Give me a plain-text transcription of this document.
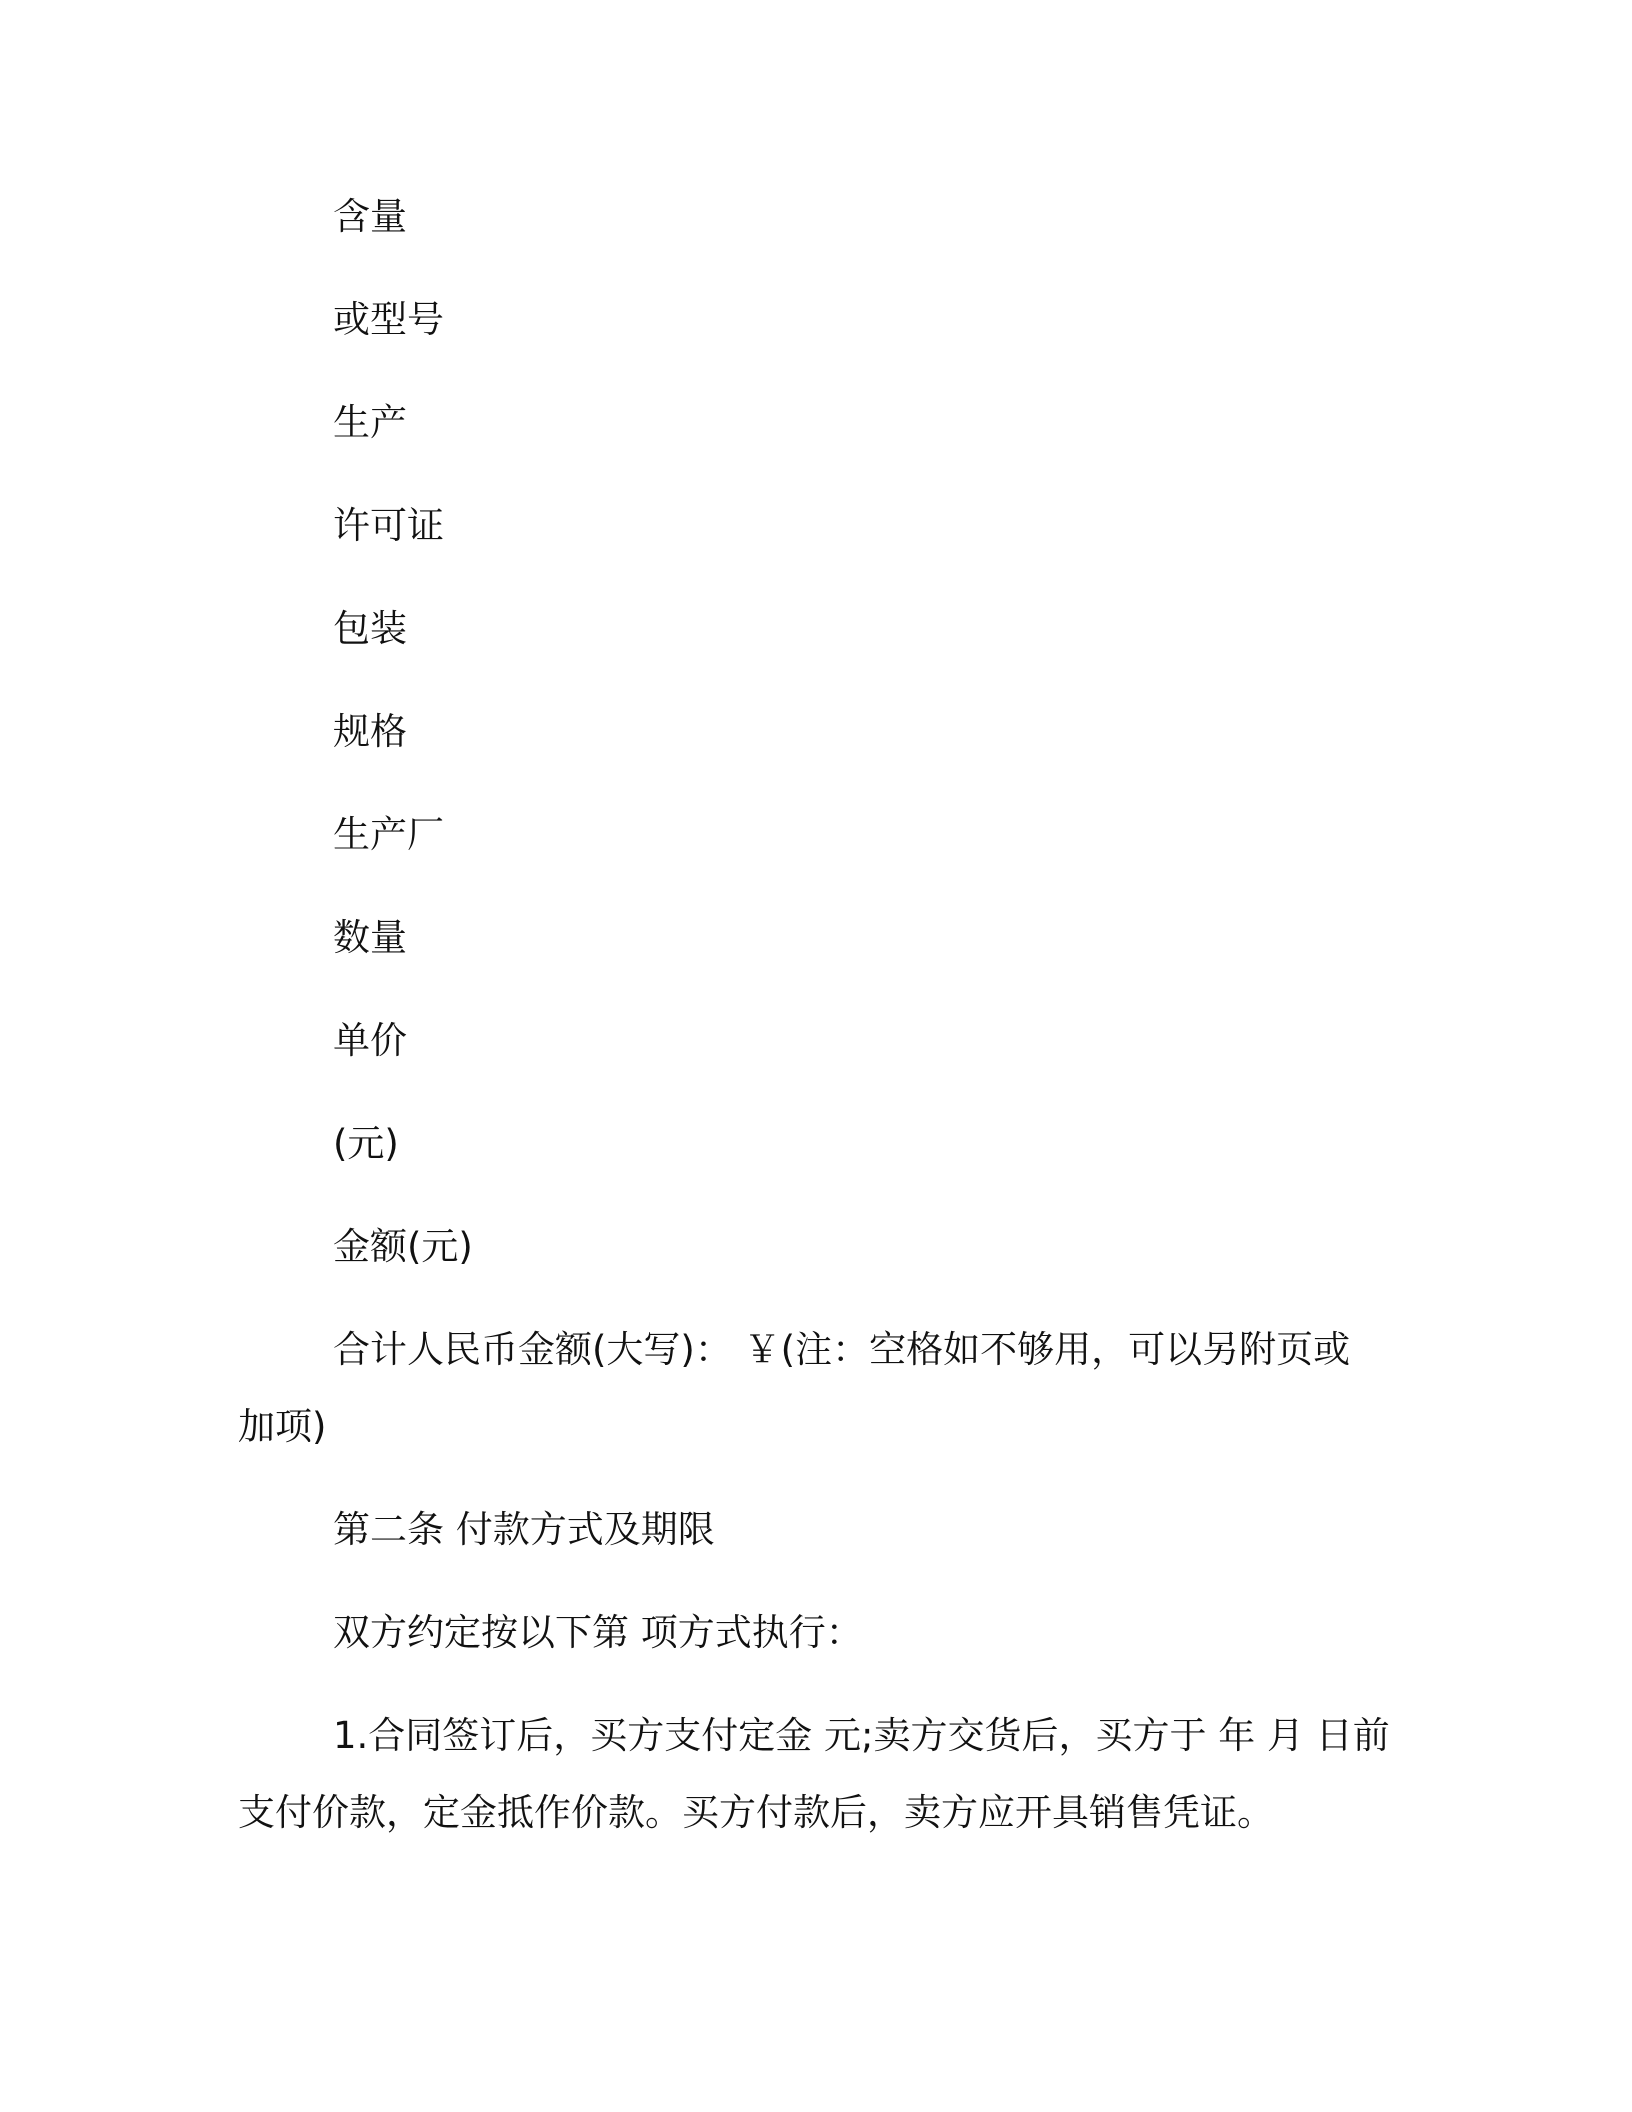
含量

或型号

生产

许可证

包装

规格

生产厂

数量

单价

(元)

金额(元)

合计人民币金额(大写)： ￥(注：空格如不够用，可以另附页或

加项)

第二条 付款方式及期限

双方约定按以下第 项方式执行：

1.合同签订后，买方支付定金 元;卖方交货后，买方于 年 月 日前

支付价款，定金抵作价款。买方付款后，卖方应开具销售凭证。
